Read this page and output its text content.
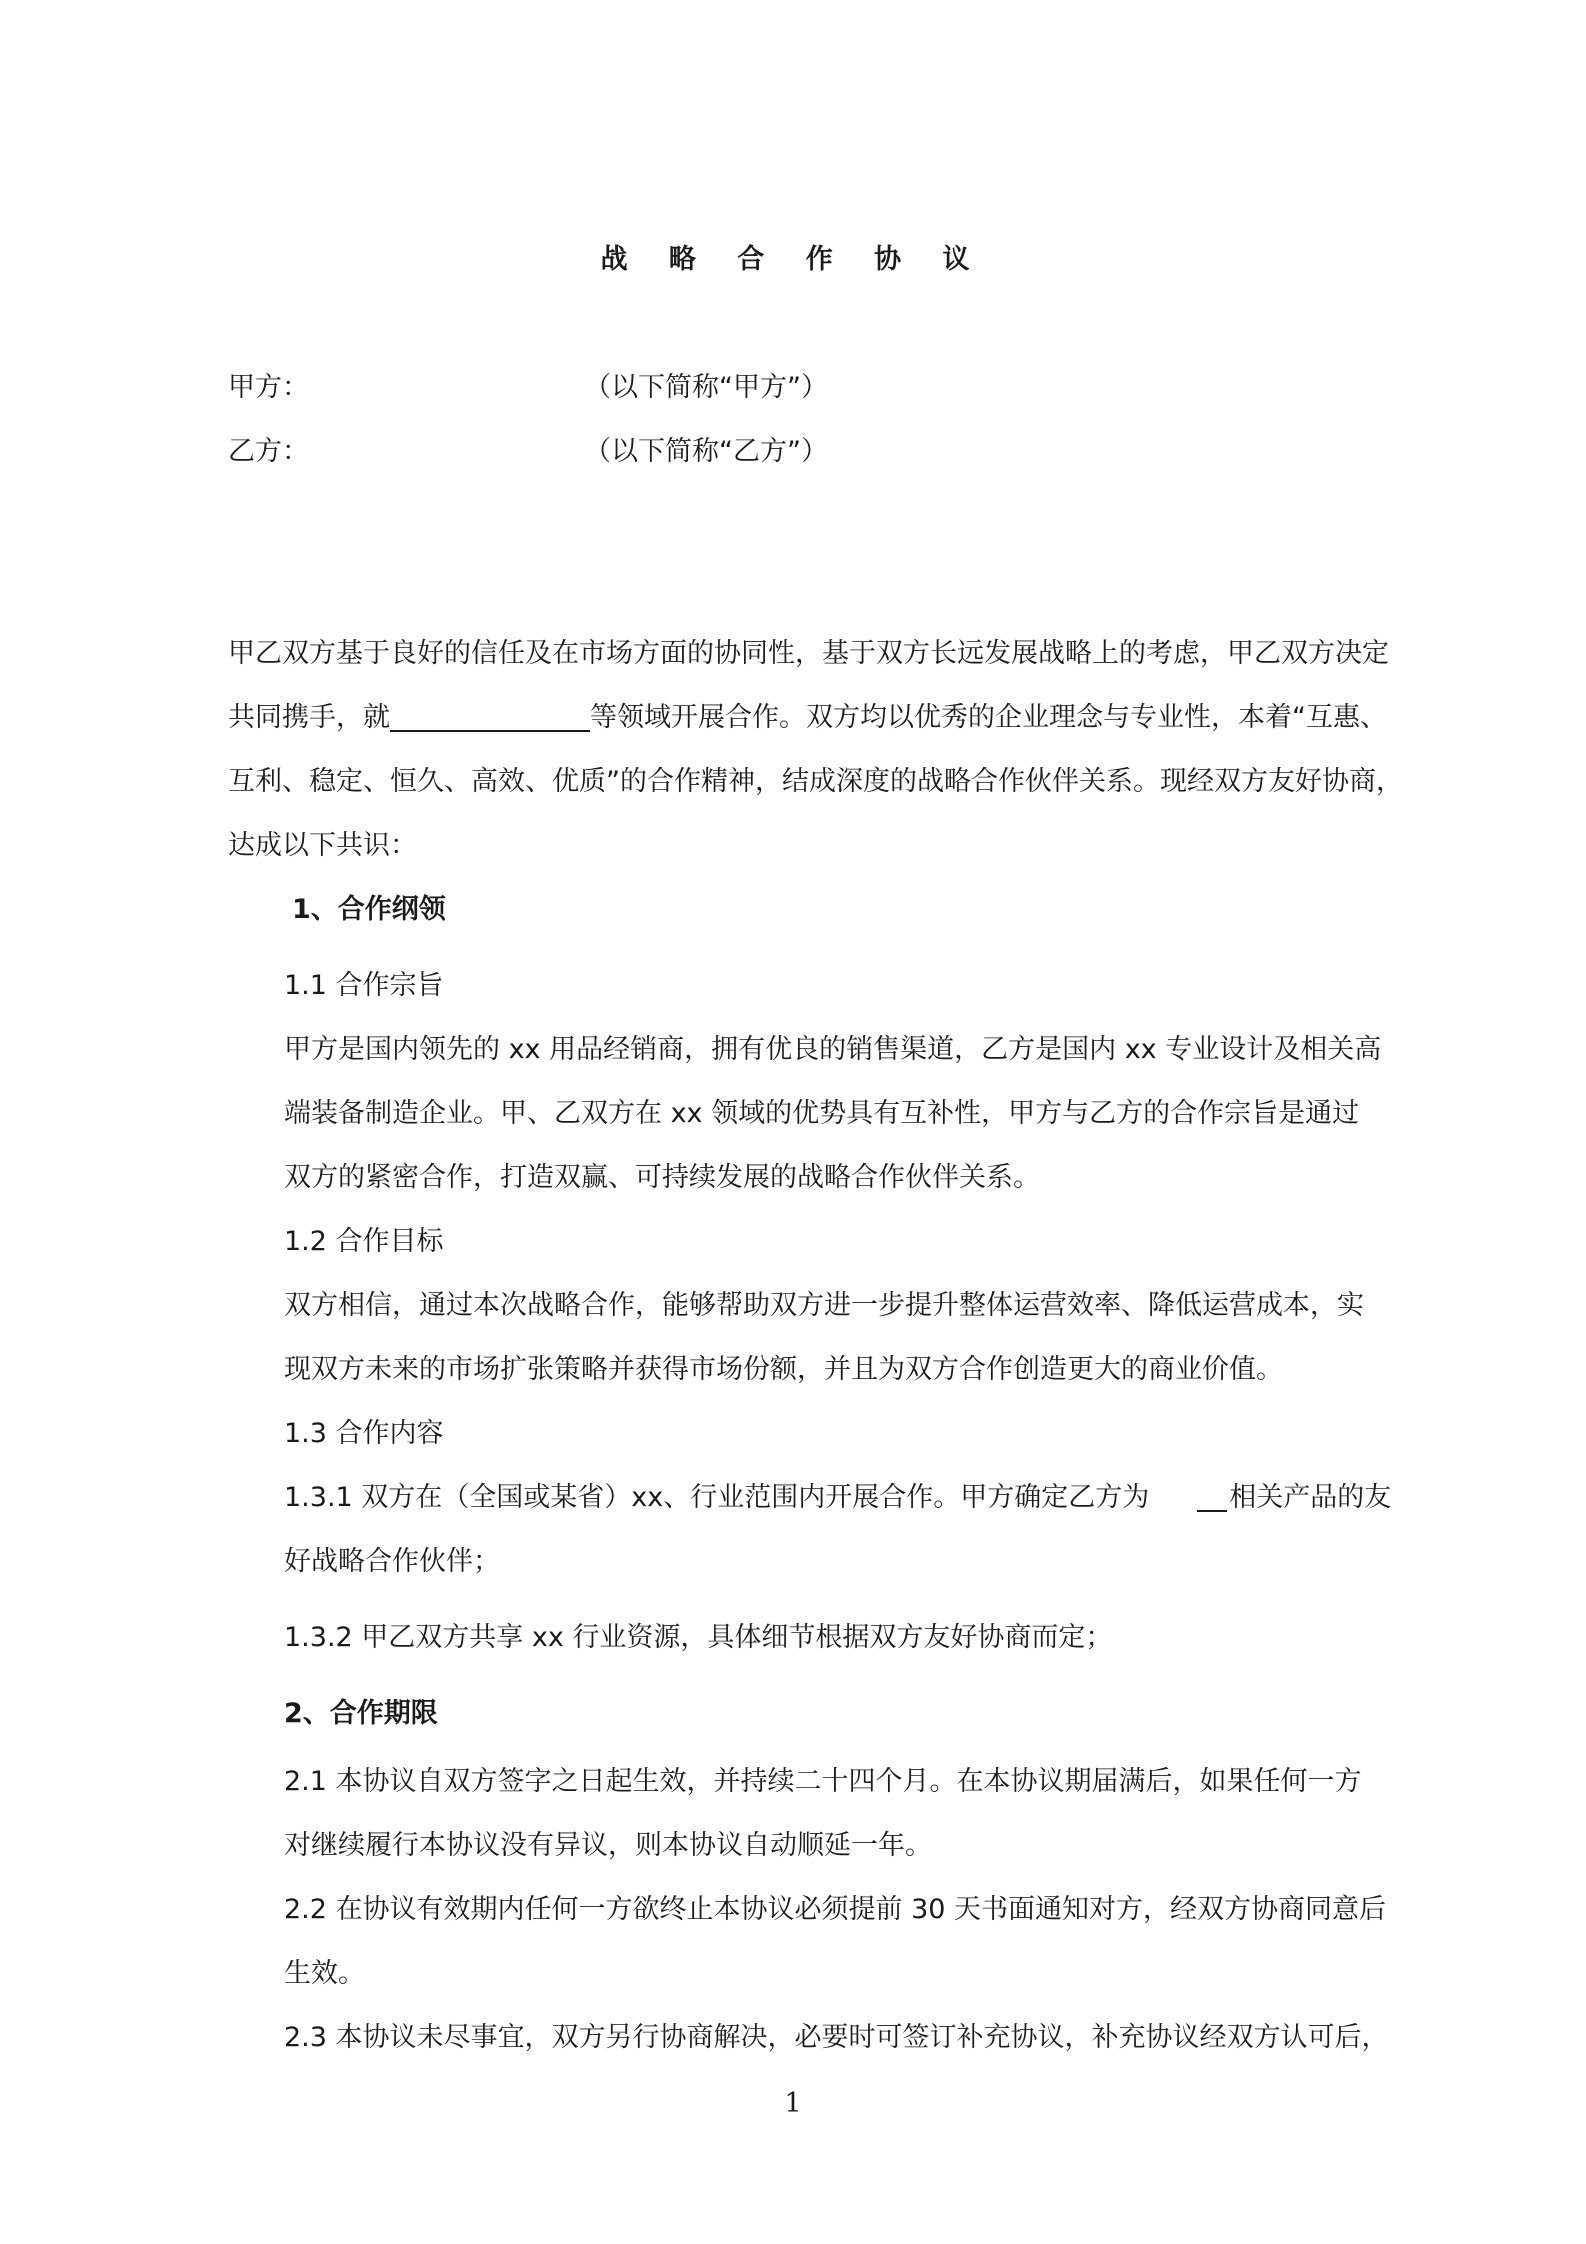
战 略 合 作 协 议
甲方：	（以下简称“甲方”）
乙方：	（以下简称“乙方”）

甲乙双方基于良好的信任及在市场方面的协同性，基于双方长远发展战略上的考虑，甲乙双方决定共同携手，就	等领域开展合作。双方均以优秀的企业理念与专业性，本着“互惠、互利、稳定、恒久、高效、优质”的合作精神，结成深度的战略合作伙伴关系。现经双方友好协商，达成以下共识：

1、合作纲领
1.1 合作宗旨
甲方是国内领先的 xx 用品经销商，拥有优良的销售渠道，乙方是国内 xx 专业设计及相关高
端装备制造企业。甲、乙双方在 xx 领域的优势具有互补性，甲方与乙方的合作宗旨是通过
双方的紧密合作，打造双赢、可持续发展的战略合作伙伴关系。
1.2 合作目标
双方相信，通过本次战略合作，能够帮助双方进一步提升整体运营效率、降低运营成本，实
现双方未来的市场扩张策略并获得市场份额，并且为双方合作创造更大的商业价值。
1.3 合作内容
1.3.1 双方在（全国或某省）xx、行业范围内开展合作。甲方确定乙方为	相关产品的友
好战略合作伙伴；
1.3.2 甲乙双方共享 xx 行业资源，具体细节根据双方友好协商而定；
2、合作期限
2.1 本协议自双方签字之日起生效，并持续二十四个月。在本协议期届满后，如果任何一方
对继续履行本协议没有异议，则本协议自动顺延一年。
2.2 在协议有效期内任何一方欲终止本协议必须提前 30 天书面通知对方，经双方协商同意后
生效。
2.3 本协议未尽事宜，双方另行协商解决，必要时可签订补充协议，补充协议经双方认可后，
1
